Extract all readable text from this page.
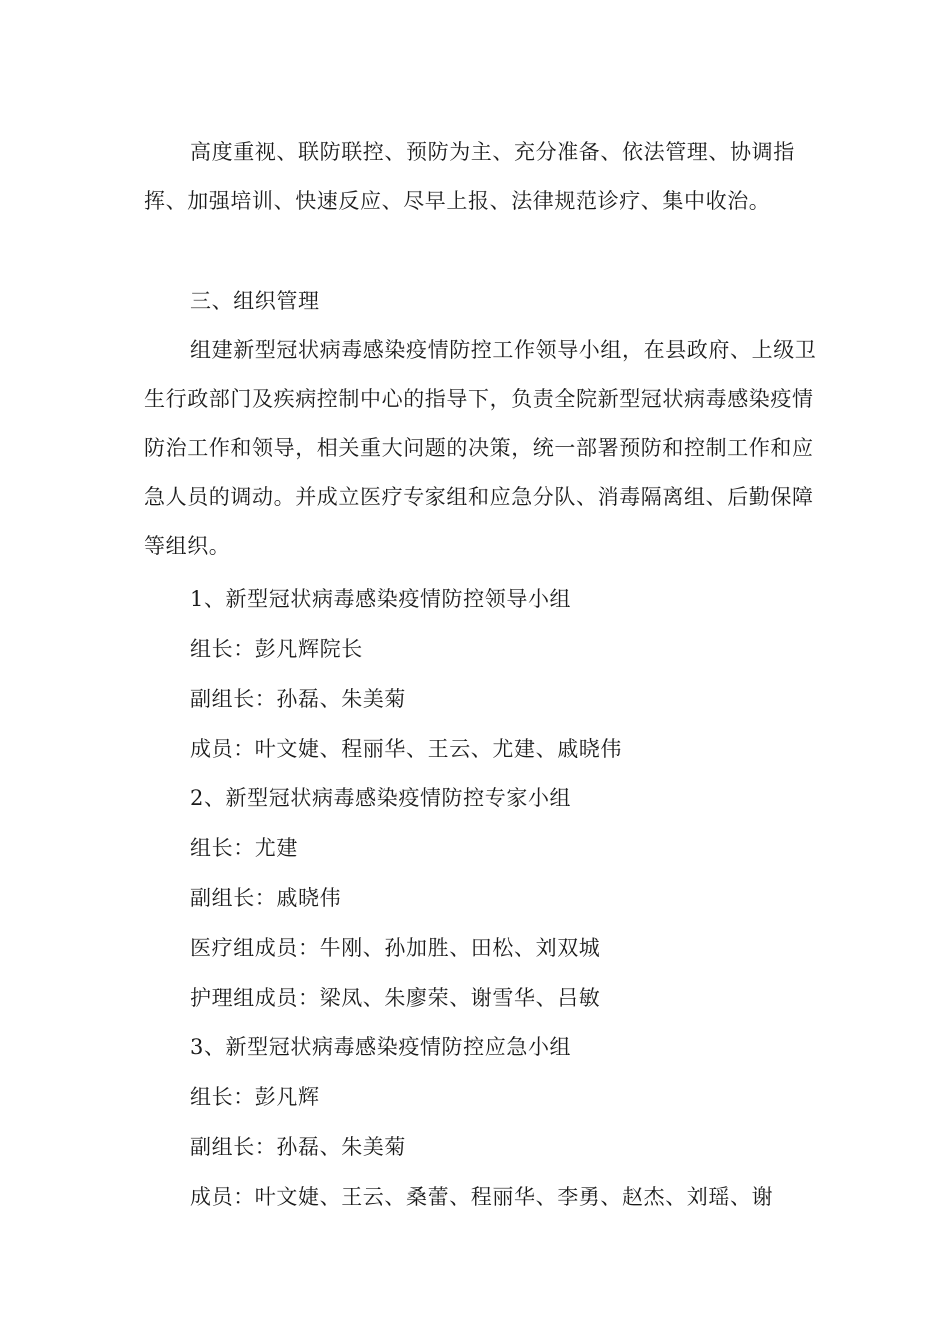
高度重视、联防联控、预防为主、充分准备、依法管理、协调指挥、加强培训、快速反应、尽早上报、法律规范诊疗、集中收治。

三、组织管理

组建新型冠状病毒感染疫情防控工作领导小组，在县政府、上级卫生行政部门及疾病控制中心的指导下，负责全院新型冠状病毒感染疫情防治工作和领导，相关重大问题的决策，统一部署预防和控制工作和应急人员的调动。并成立医疗专家组和应急分队、消毒隔离组、后勤保障等组织。

1、新型冠状病毒感染疫情防控领导小组

组长：彭凡辉院长

副组长：孙磊、朱美菊

成员：叶文婕、程丽华、王云、尤建、戚晓伟

2、新型冠状病毒感染疫情防控专家小组

组长：尤建

副组长：戚晓伟

医疗组成员：牛刚、孙加胜、田松、刘双城

护理组成员：梁凤、朱廖荣、谢雪华、吕敏

3、新型冠状病毒感染疫情防控应急小组

组长：彭凡辉

副组长：孙磊、朱美菊

成员：叶文婕、王云、桑蕾、程丽华、李勇、赵杰、刘瑶、谢
